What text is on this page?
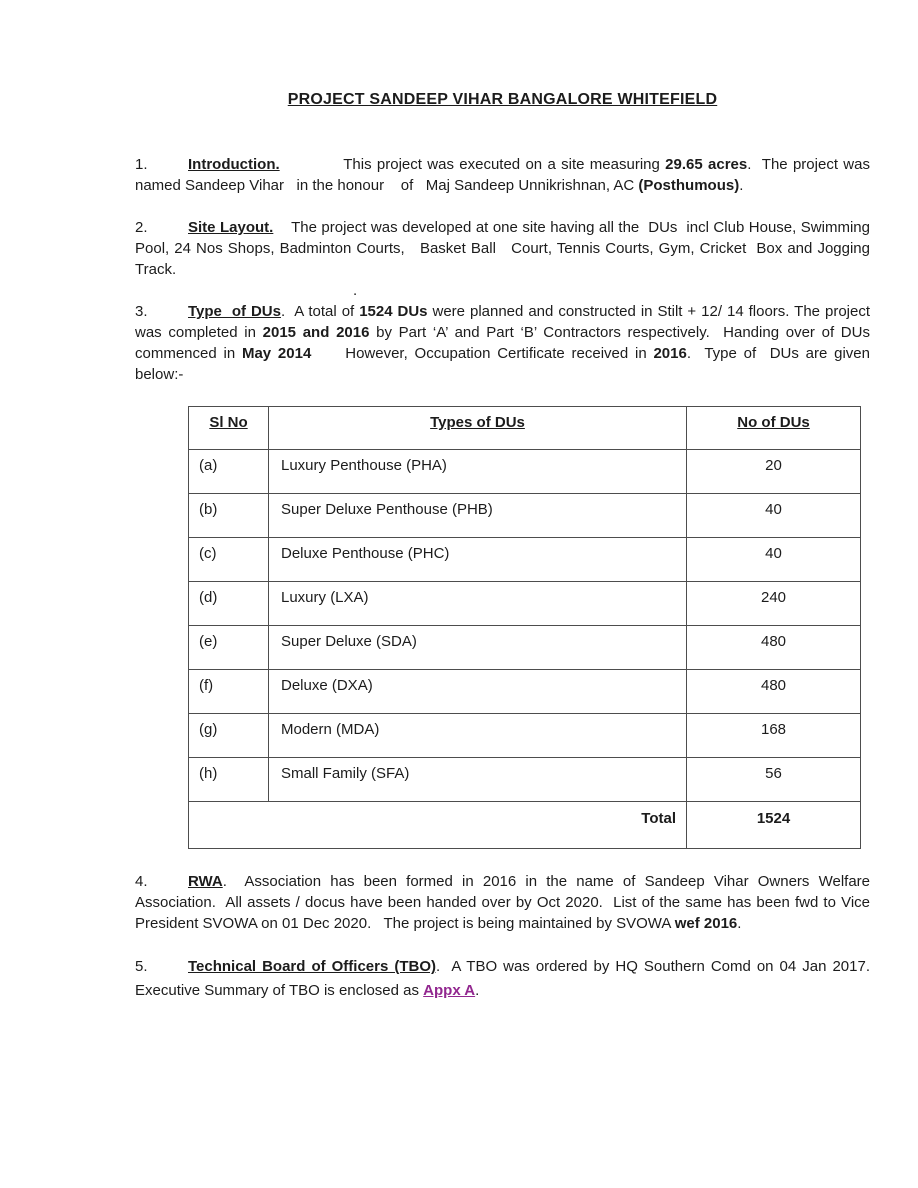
PROJECT SANDEEP VIHAR BANGALORE WHITEFIELD

1.	Introduction.            This project was executed on a site measuring 29.65 acres.  The project was named Sandeep Vihar   in the honour    of   Maj Sandeep Unnikrishnan, AC (Posthumous).

2.	Site Layout.    The project was developed at one site having all the  DUs  incl Club House, Swimming Pool, 24 Nos Shops, Badminton Courts,   Basket Ball   Court, Tennis Courts, Gym, Cricket  Box and Jogging Track.

.

3.	Type  of DUs.  A total of 1524 DUs were planned and constructed in Stilt + 12/ 14 floors. The project was completed in 2015 and 2016 by Part ‘A’ and Part ‘B’ Contractors respectively.  Handing over of DUs commenced in May 2014     However, Occupation Certificate received in 2016.  Type of  DUs are given below:-

Sl No	Types of DUs	No of DUs
(a)	Luxury Penthouse (PHA)	20
(b)	Super Deluxe Penthouse (PHB)	40
(c)	Deluxe Penthouse (PHC)	40
(d)	Luxury (LXA)	240
(e)	Super Deluxe (SDA)	480
(f)	Deluxe (DXA)	480
(g)	Modern (MDA)	168
(h)	Small Family (SFA)	56
Total		1524

4.	RWA.  Association has been formed in 2016 in the name of Sandeep Vihar Owners Welfare Association.  All assets / docus have been handed over by Oct 2020.  List of the same has been fwd to Vice President SVOWA on 01 Dec 2020.   The project is being maintained by SVOWA wef 2016.

5.	Technical Board of Officers (TBO).  A TBO was ordered by HQ Southern Comd on 04 Jan 2017.  Executive Summary of TBO is enclosed as Appx A.
